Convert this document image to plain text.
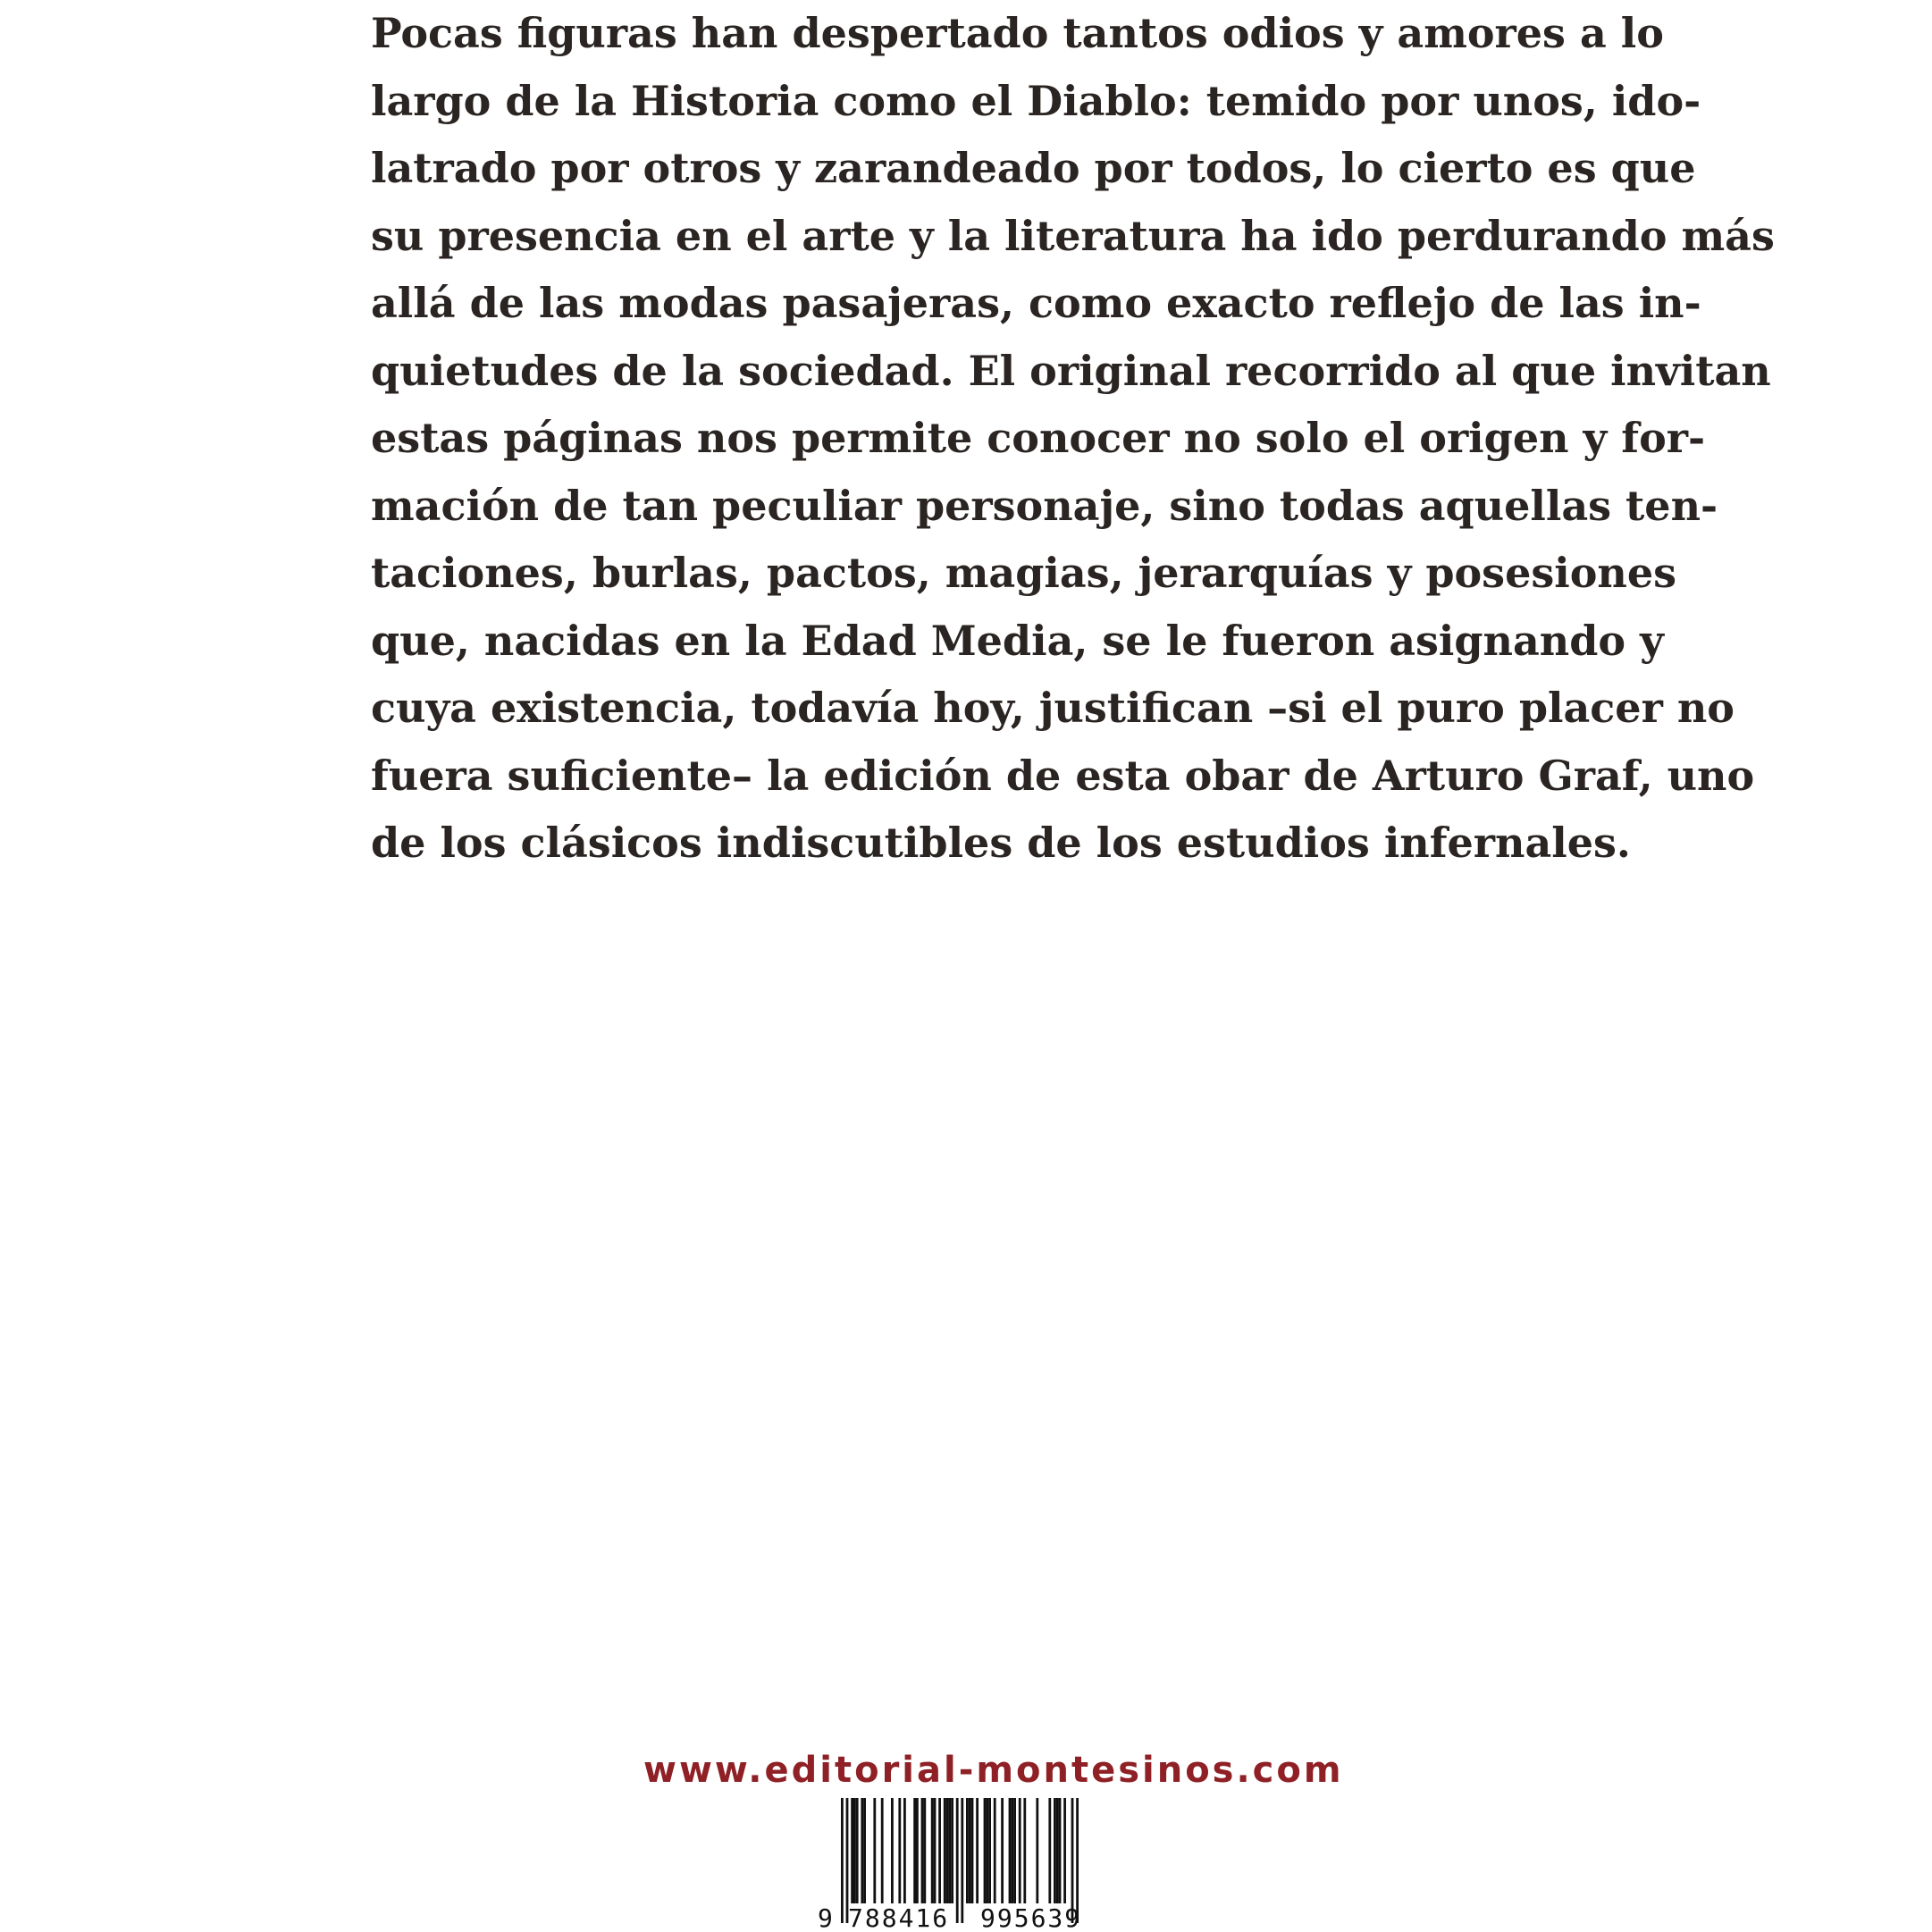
Pocas figuras han despertado tantos odios y amores a lo
largo de la Historia como el Diablo: temido por unos, ido-
latrado por otros y zarandeado por todos, lo cierto es que
su presencia en el arte y la literatura ha ido perdurando más
allá de las modas pasajeras, como exacto reflejo de las in-
quietudes de la sociedad. El original recorrido al que invitan
estas páginas nos permite conocer no solo el origen y for-
mación de tan peculiar personaje, sino todas aquellas ten-
taciones, burlas, pactos, magias, jerarquías y posesiones
que, nacidas en la Edad Media, se le fueron asignando y
cuya existencia, todavía hoy, justifican –si el puro placer no
fuera suficiente– la edición de esta obar de Arturo Graf, uno
de los clásicos indiscutibles de los estudios infernales.
www.editorial-montesinos.com
9 788416 995639
